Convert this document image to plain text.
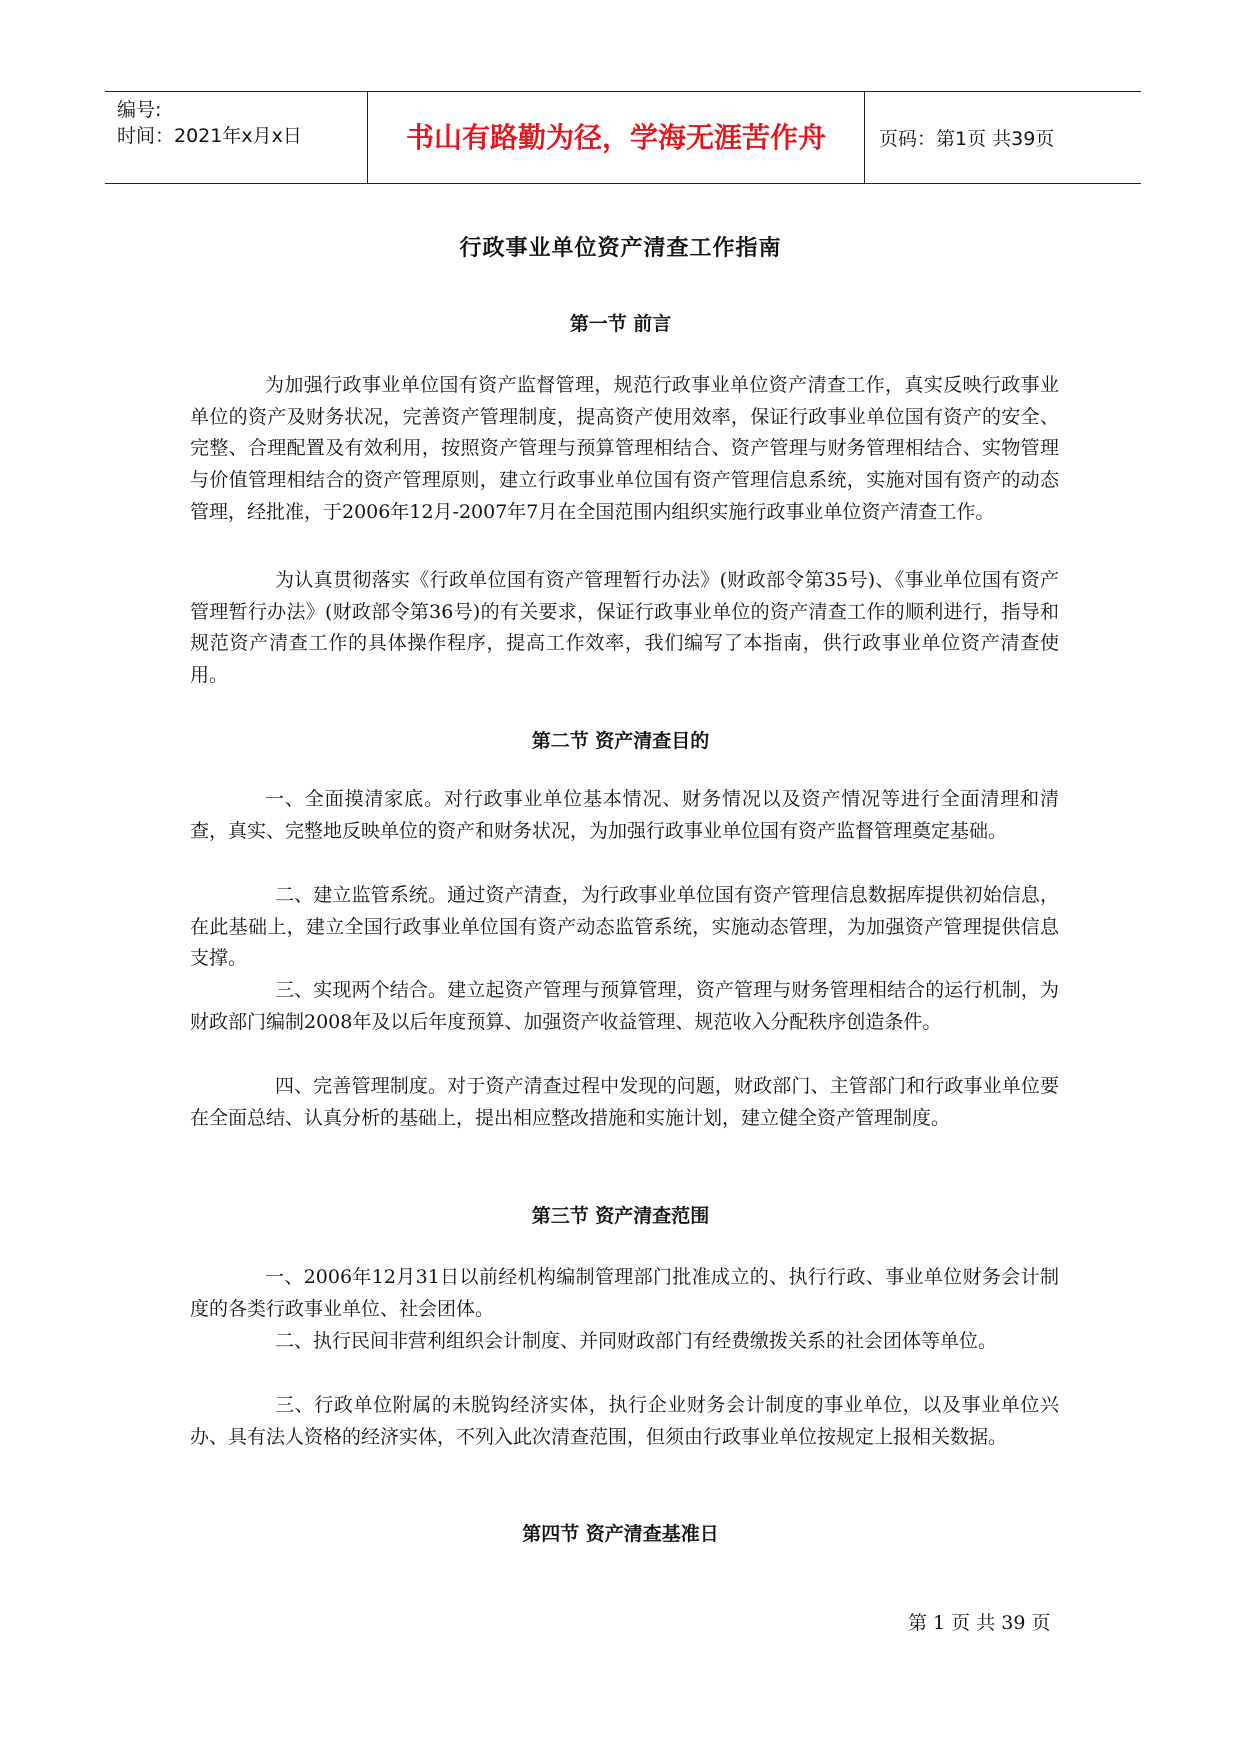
编号:
时间：2021年x月x日	书山有路勤为径，学海无涯苦作舟	页码：第1页 共39页
行政事业单位资产清查工作指南
第一节 前言

为加强行政事业单位国有资产监督管理，规范行政事业单位资产清查工作，真实反映行政事业单位的资产及财务状况，完善资产管理制度，提高资产使用效率，保证行政事业单位国有资产的安全、完整、合理配置及有效利用，按照资产管理与预算管理相结合、资产管理与财务管理相结合、实物管理与价值管理相结合的资产管理原则，建立行政事业单位国有资产管理信息系统，实施对国有资产的动态管理，经批准，于2006年12月-2007年7月在全国范围内组织实施行政事业单位资产清查工作。

为认真贯彻落实《行政单位国有资产管理暂行办法》(财政部令第35号)、《事业单位国有资产管理暂行办法》(财政部令第36号)的有关要求，保证行政事业单位的资产清查工作的顺利进行，指导和规范资产清查工作的具体操作程序，提高工作效率，我们编写了本指南，供行政事业单位资产清查使用。

第二节 资产清查目的

一、全面摸清家底。对行政事业单位基本情况、财务情况以及资产情况等进行全面清理和清查，真实、完整地反映单位的资产和财务状况，为加强行政事业单位国有资产监督管理奠定基础。

二、建立监管系统。通过资产清查，为行政事业单位国有资产管理信息数据库提供初始信息，在此基础上，建立全国行政事业单位国有资产动态监管系统，实施动态管理，为加强资产管理提供信息支撑。

三、实现两个结合。建立起资产管理与预算管理，资产管理与财务管理相结合的运行机制，为财政部门编制2008年及以后年度预算、加强资产收益管理、规范收入分配秩序创造条件。

四、完善管理制度。对于资产清查过程中发现的问题，财政部门、主管部门和行政事业单位要在全面总结、认真分析的基础上，提出相应整改措施和实施计划，建立健全资产管理制度。

第三节 资产清查范围

一、2006年12月31日以前经机构编制管理部门批准成立的、执行行政、事业单位财务会计制度的各类行政事业单位、社会团体。

二、执行民间非营利组织会计制度、并同财政部门有经费缴拨关系的社会团体等单位。

三、行政单位附属的未脱钩经济实体，执行企业财务会计制度的事业单位，以及事业单位兴办、具有法人资格的经济实体，不列入此次清查范围，但须由行政事业单位按规定上报相关数据。

第四节 资产清查基准日
第 1 页 共 39 页
